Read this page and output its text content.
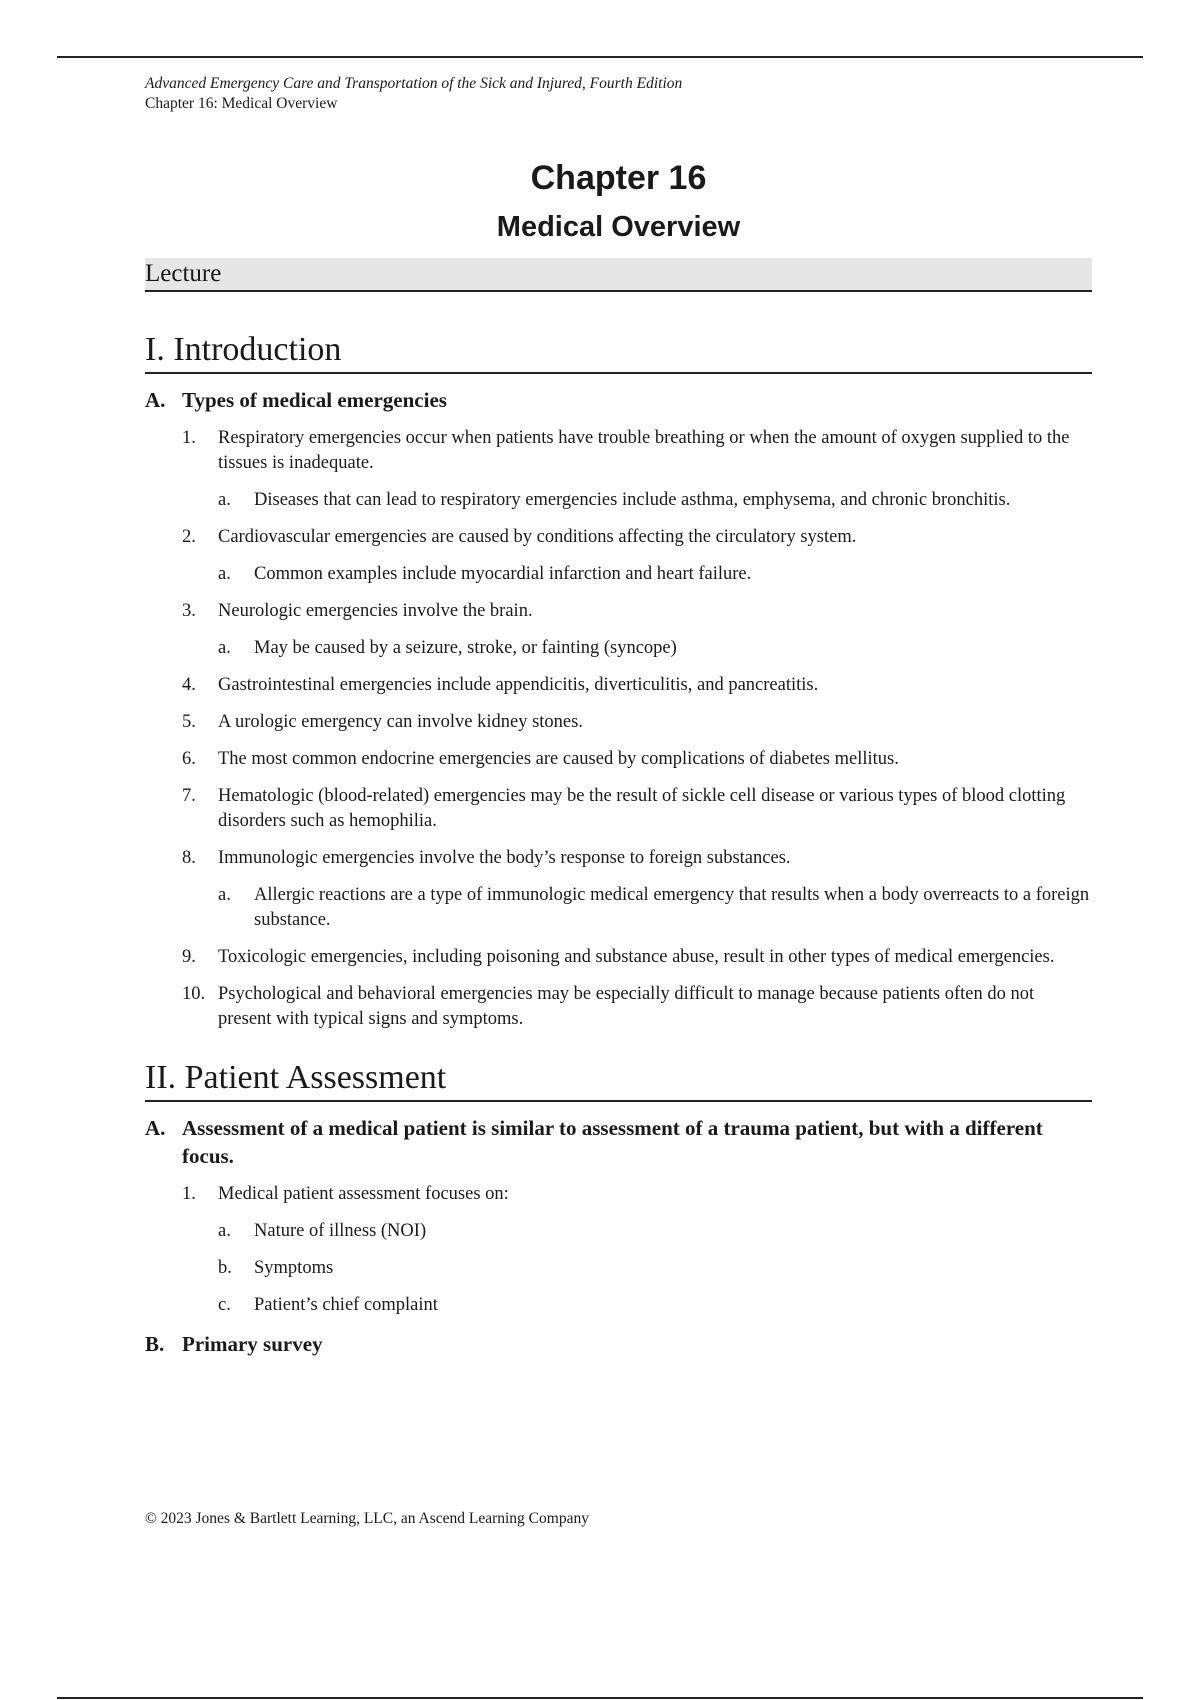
Advanced Emergency Care and Transportation of the Sick and Injured, Fourth Edition
Chapter 16: Medical Overview
Chapter 16
Medical Overview
Lecture
I. Introduction
A. Types of medical emergencies
1.	Respiratory emergencies occur when patients have trouble breathing or when the amount of oxygen supplied to the tissues is inadequate.
a.	Diseases that can lead to respiratory emergencies include asthma, emphysema, and chronic bronchitis.
2.	Cardiovascular emergencies are caused by conditions affecting the circulatory system.
a.	Common examples include myocardial infarction and heart failure.
3.	Neurologic emergencies involve the brain.
a.	May be caused by a seizure, stroke, or fainting (syncope)
4.	Gastrointestinal emergencies include appendicitis, diverticulitis, and pancreatitis.
5.	A urologic emergency can involve kidney stones.
6.	The most common endocrine emergencies are caused by complications of diabetes mellitus.
7.	Hematologic (blood-related) emergencies may be the result of sickle cell disease or various types of blood clotting disorders such as hemophilia.
8.	Immunologic emergencies involve the body’s response to foreign substances.
a.	Allergic reactions are a type of immunologic medical emergency that results when a body overreacts to a foreign substance.
9.	Toxicologic emergencies, including poisoning and substance abuse, result in other types of medical emergencies.
10. Psychological and behavioral emergencies may be especially difficult to manage because patients often do not present with typical signs and symptoms.
II. Patient Assessment
A. Assessment of a medical patient is similar to assessment of a trauma patient, but with a different focus.
1.	Medical patient assessment focuses on:
a.	Nature of illness (NOI)
b.	Symptoms
c.	Patient’s chief complaint
B. Primary survey
© 2023 Jones & Bartlett Learning, LLC, an Ascend Learning Company
